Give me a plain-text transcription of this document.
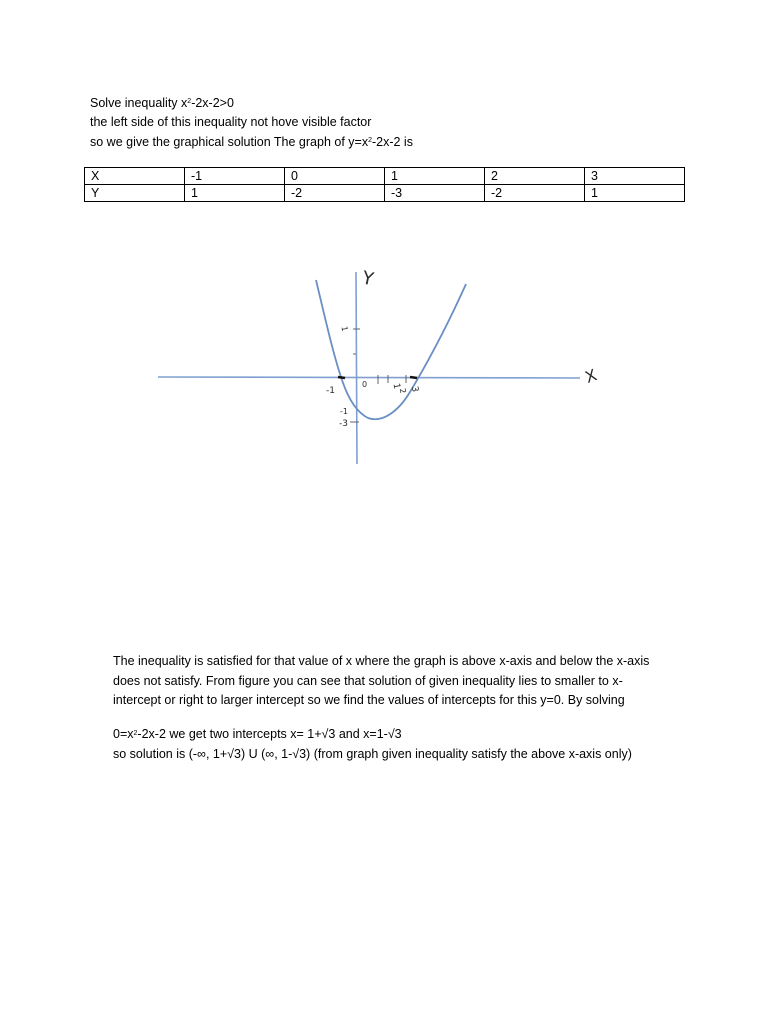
Solve inequality $x^2-2x-2>0$
the left side of this inequality not hove visible factor
so we give the graphical solution The graph of $y=x^2-2x-2$ is
X	-1	0	1	2	3
Y	1	-2	-3	-2	1
Y
X
-1
0	1
2 3
1
-1
-3
The inequality is satisfied for that value of x where the graph is above x-axis and below the x-axis
does not satisfy. From figure you can see that solution of given inequality lies to smaller to x-
intercept or right to larger intercept so we find the values of intercepts for this y=0. By solving
$0=x^2-2x-2$ we get two intercepts x= 1+√3 and x=1-√3
so solution is (-∞, 1+√3) U (∞, 1-√3) (from graph given inequality satisfy the above x-axis only)
